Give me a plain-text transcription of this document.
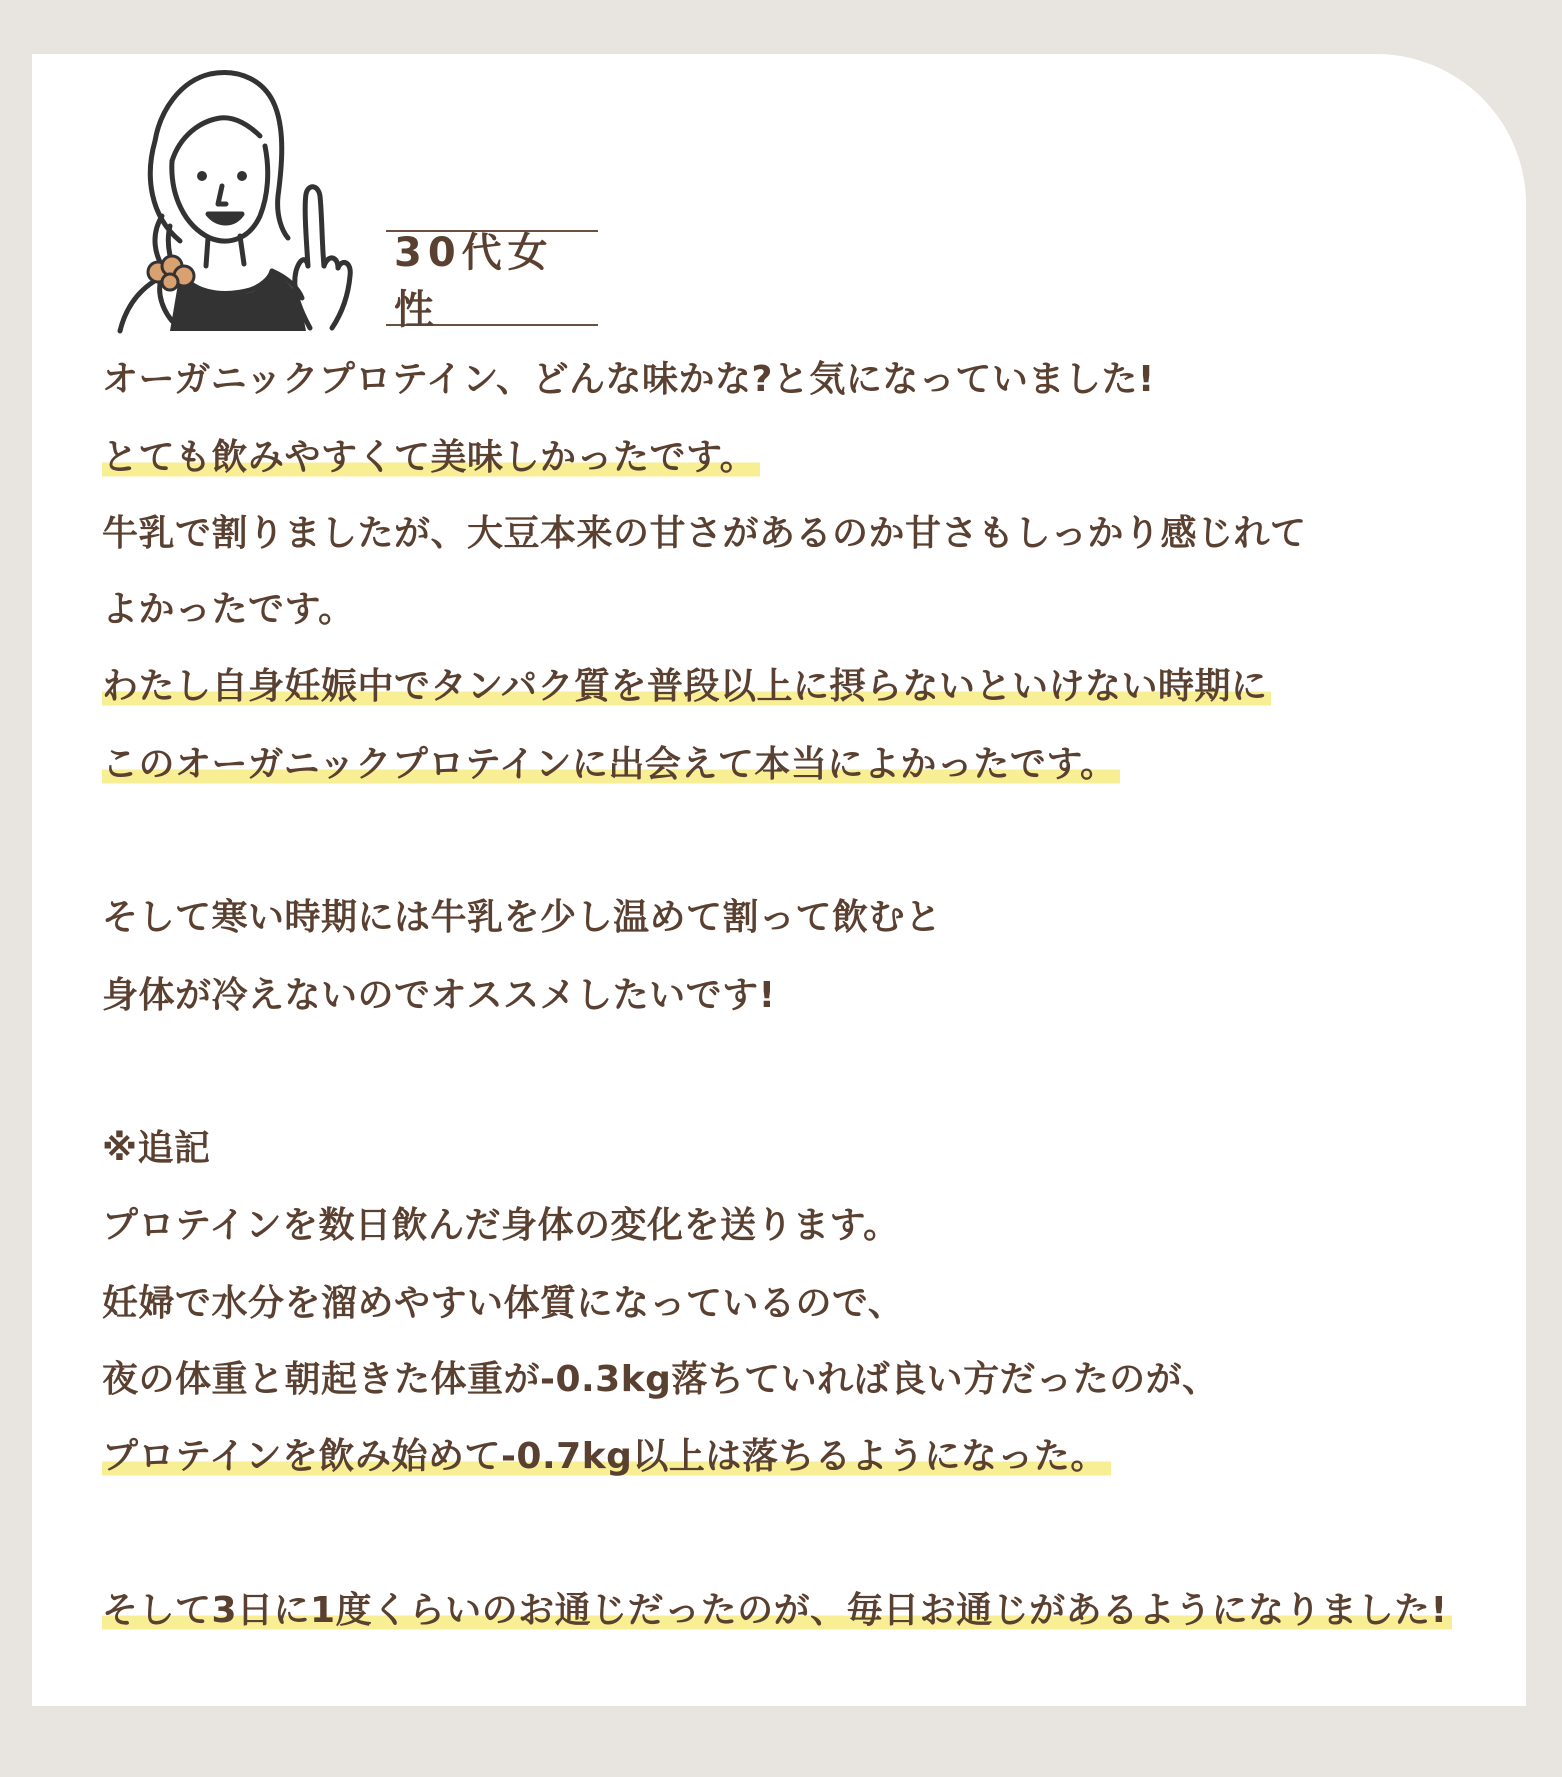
30代女性
オーガニックプロテイン、どんな味かな?と気になっていました!
とても飲みやすくて美味しかったです。
牛乳で割りましたが、大豆本来の甘さがあるのか甘さもしっかり感じれて
よかったです。
わたし自身妊娠中でタンパク質を普段以上に摂らないといけない時期に
このオーガニックプロテインに出会えて本当によかったです。
そして寒い時期には牛乳を少し温めて割って飲むと
身体が冷えないのでオススメしたいです!
※追記
プロテインを数日飲んだ身体の変化を送ります。
妊婦で水分を溜めやすい体質になっているので、
夜の体重と朝起きた体重が-0.3kg落ちていれば良い方だったのが、
プロテインを飲み始めて-0.7kg以上は落ちるようになった。
そして3日に1度くらいのお通じだったのが、毎日お通じがあるようになりました!
